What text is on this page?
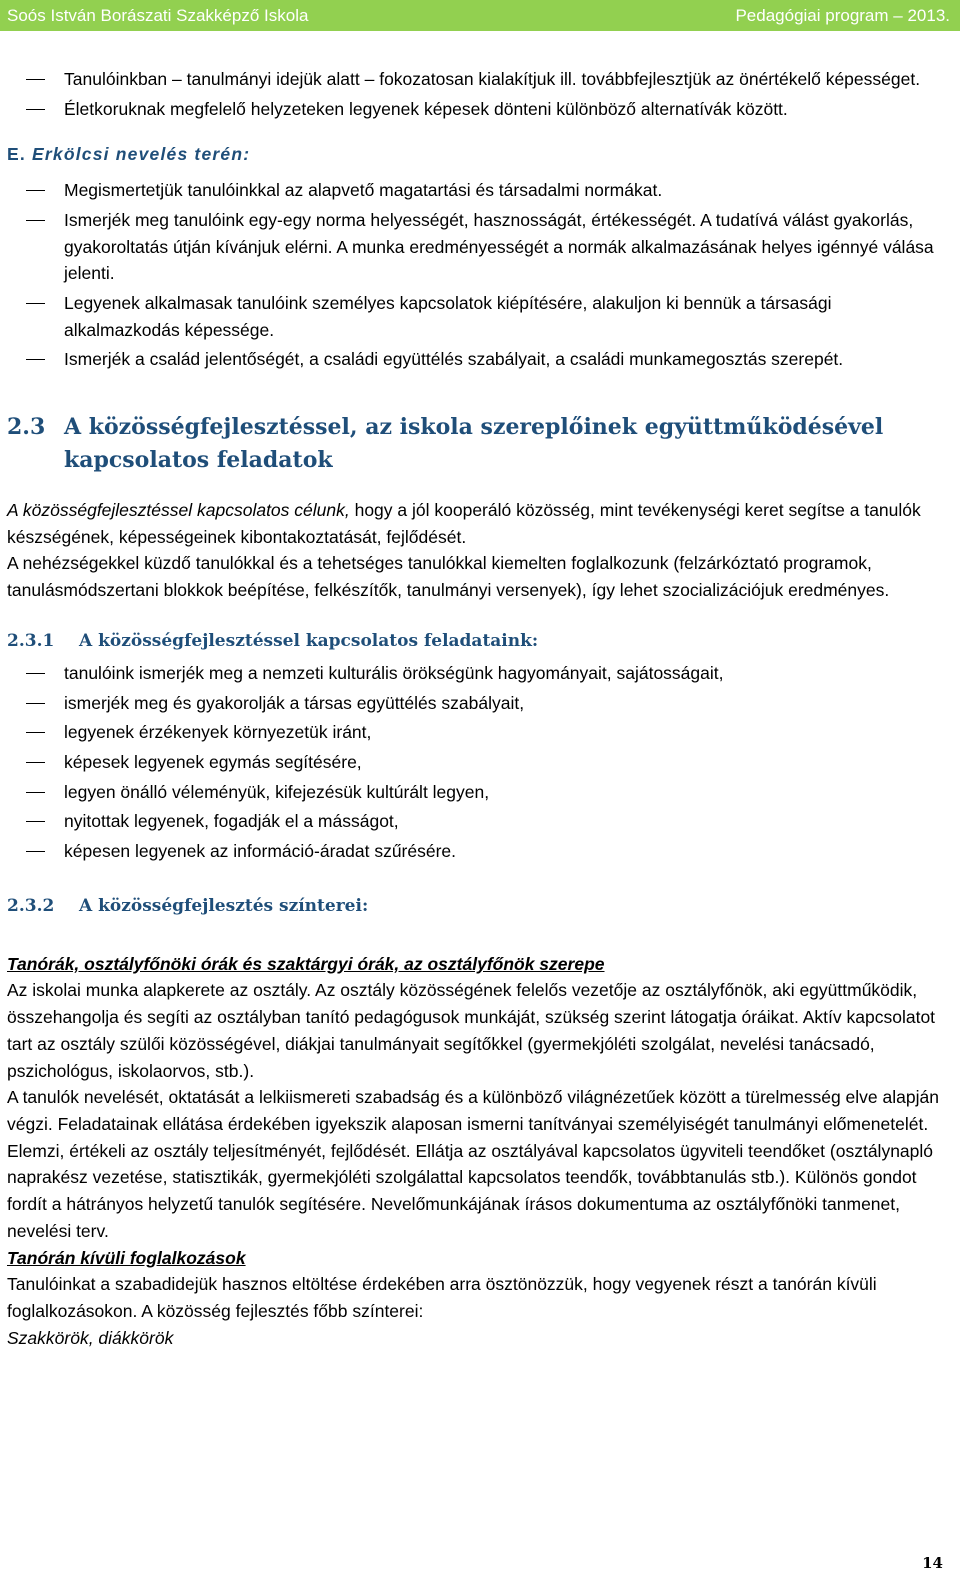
Soós István Borászati Szakképző Iskola	Pedagógiai program – 2013.
Tanulóinkban – tanulmányi idejük alatt – fokozatosan kialakítjuk ill. továbbfejlesztjük az önértékelő képességet.
Életkoruknak megfelelő helyzeteken legyenek képesek dönteni különböző alternatívák között.

E. Erkölcsi nevelés terén:

Megismertetjük tanulóinkkal az alapvető magatartási és társadalmi normákat.
Ismerjék meg tanulóink egy-egy norma helyességét, hasznosságát, értékességét. A tudatívá válást gyakorlás, gyakoroltatás útján kívánjuk elérni. A munka eredményességét a normák alkalmazásának helyes igénnyé válása jelenti.
Legyenek alkalmasak tanulóink személyes kapcsolatok kiépítésére, alakuljon ki bennük a társasági alkalmazkodás képessége.
Ismerjék a család jelentőségét, a családi együttélés szabályait, a családi munkamegosztás szerepét.
2.3 A közösségfejlesztéssel, az iskola szereplőinek együttműködésével kapcsolatos feladatok

A közösségfejlesztéssel kapcsolatos célunk, hogy a jól kooperáló közösség, mint tevékenységi keret segítse a tanulók készségének, képességeinek kibontakoztatását, fejlődését.

A nehézségekkel küzdő tanulókkal és a tehetséges tanulókkal kiemelten foglalkozunk (felzárkóztató programok, tanulásmódszertani blokkok beépítése, felkészítők, tanulmányi versenyek), így lehet szocializációjuk eredményes.

2.3.1	A közösségfejlesztéssel kapcsolatos feladataink:
tanulóink ismerjék meg a nemzeti kulturális örökségünk hagyományait, sajátosságait,
ismerjék meg és gyakorolják a társas együttélés szabályait,
legyenek érzékenyek környezetük iránt,
képesek legyenek egymás segítésére,
legyen önálló véleményük, kifejezésük kultúrált legyen,
nyitottak legyenek, fogadják el a másságot,
képesen legyenek az információ-áradat szűrésére.
2.3.2	A közösségfejlesztés színterei:

Tanórák, osztályfőnöki órák és szaktárgyi órák, az osztályfőnök szerepe

Az iskolai munka alapkerete az osztály. Az osztály közösségének felelős vezetője az osztályfőnök, aki együttműködik, összehangolja és segíti az osztályban tanító pedagógusok munkáját, szükség szerint látogatja óráikat. Aktív kapcsolatot tart az osztály szülői közösségével, diákjai tanulmányait segítőkkel (gyermekjóléti szolgálat, nevelési tanácsadó, pszichológus, iskolaorvos, stb.).

A tanulók nevelését, oktatását a lelkiismereti szabadság és a különböző világnézetűek között a türelmesség elve alapján végzi. Feladatainak ellátása érdekében igyekszik alaposan ismerni tanítványai személyiségét tanulmányi előmenetelét. Elemzi, értékeli az osztály teljesítményét, fejlődését. Ellátja az osztályával kapcsolatos ügyviteli teendőket (osztálynapló naprakész vezetése, statisztikák, gyermekjóléti szolgálattal kapcsolatos teendők, továbbtanulás stb.). Különös gondot fordít a hátrányos helyzetű tanulók segítésére. Nevelőmunkájának írásos dokumentuma az osztályfőnöki tanmenet, nevelési terv.

Tanórán kívüli foglalkozások

Tanulóinkat a szabadidejük hasznos eltöltése érdekében arra ösztönözzük, hogy vegyenek részt a tanórán kívüli foglalkozásokon. A közösség fejlesztés főbb színterei:

Szakkörök, diákkörök

14
